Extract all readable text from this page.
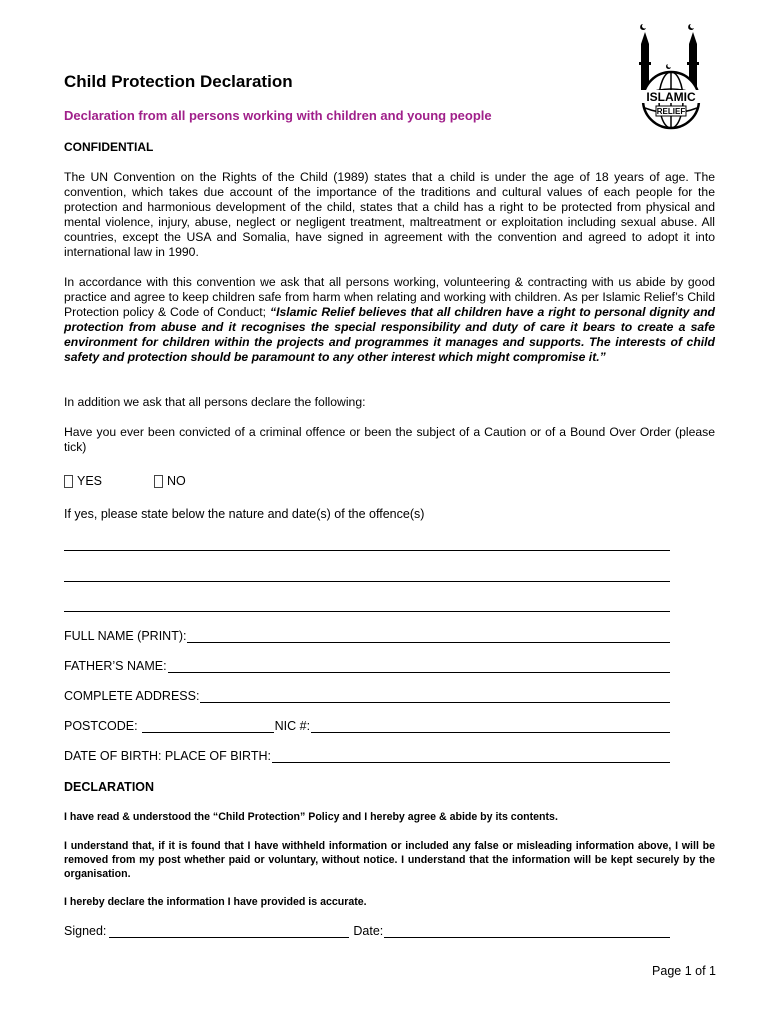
ISLAMIC
RELIEF
Child Protection Declaration
Declaration from all persons working with children and young people
CONFIDENTIAL
The UN Convention on the Rights of the Child (1989) states that a child is under the age of 18 years of age. The convention, which takes due account of the importance of the traditions and cultural values of each people for the protection and harmonious development of the child, states that a child has a right to be protected from physical and mental violence, injury, abuse, neglect or negligent treatment, maltreatment or exploitation including sexual abuse. All countries, except the USA and Somalia, have signed in agreement with the convention and agreed to adopt it into international law in 1990.
In accordance with this convention we ask that all persons working, volunteering & contracting with us abide by good practice and agree to keep children safe from harm when relating and working with children. As per Islamic Relief’s Child Protection policy & Code of Conduct; “Islamic Relief believes that all children have a right to personal dignity and protection from abuse and it recognises the special responsibility and duty of care it bears to create a safe environment for children within the projects and programmes it manages and supports. The interests of child safety and protection should be paramount to any other interest which might compromise it.”
In addition we ask that all persons declare the following:
Have you ever been convicted of a criminal offence or been the subject of a Caution or of a Bound Over Order (please tick)
YES	NO
If yes, please state below the nature and date(s) of the offence(s)
FULL NAME (PRINT):
FATHER’S NAME:
COMPLETE ADDRESS:
POSTCODE:	NIC #:
DATE OF BIRTH: PLACE OF BIRTH:
DECLARATION
I have read & understood the “Child Protection” Policy and I hereby agree & abide by its contents.
I understand that, if it is found that I have withheld information or included any false or misleading information above, I will be removed from my post whether paid or voluntary, without notice. I understand that the information will be kept securely by the organisation.
I hereby declare the information I have provided is accurate.
Signed:	Date:
Page 1 of 1
